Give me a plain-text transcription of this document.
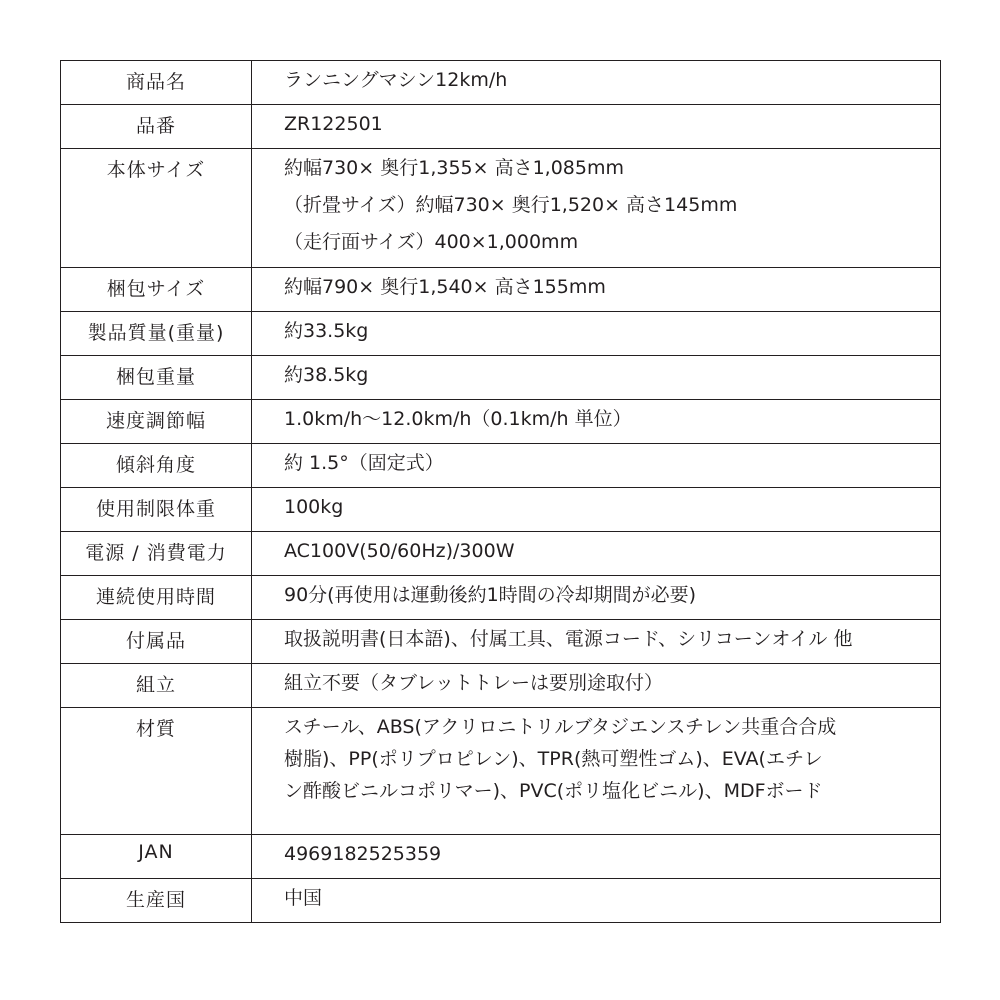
商品名	ランニングマシン12km/h

品番	ZR122501

本体サイズ	約幅730× 奥行1,355× 高さ1,085mm
（折畳サイズ）約幅730× 奥行1,520× 高さ145mm
（走行面サイズ）400×1,000mm

梱包サイズ	約幅790× 奥行1,540× 高さ155mm

製品質量(重量)	約33.5kg

梱包重量	約38.5kg

速度調節幅	1.0km/h～12.0km/h（0.1km/h 単位）

傾斜角度	約 1.5°（固定式）

使用制限体重	100kg

電源 / 消費電力	AC100V(50/60Hz)/300W

連続使用時間	90分(再使用は運動後約1時間の冷却期間が必要)

付属品	取扱説明書(日本語)、付属工具、電源コード、シリコーンオイル 他

組立	組立不要（タブレットトレーは要別途取付）

材質	スチール、ABS(アクリロニトリルブタジエンスチレン共重合合成
樹脂)、PP(ポリプロピレン)、TPR(熱可塑性ゴム)、EVA(エチレ
ン酢酸ビニルコポリマー)、PVC(ポリ塩化ビニル)、MDFボード

JAN	4969182525359

生産国	中国
